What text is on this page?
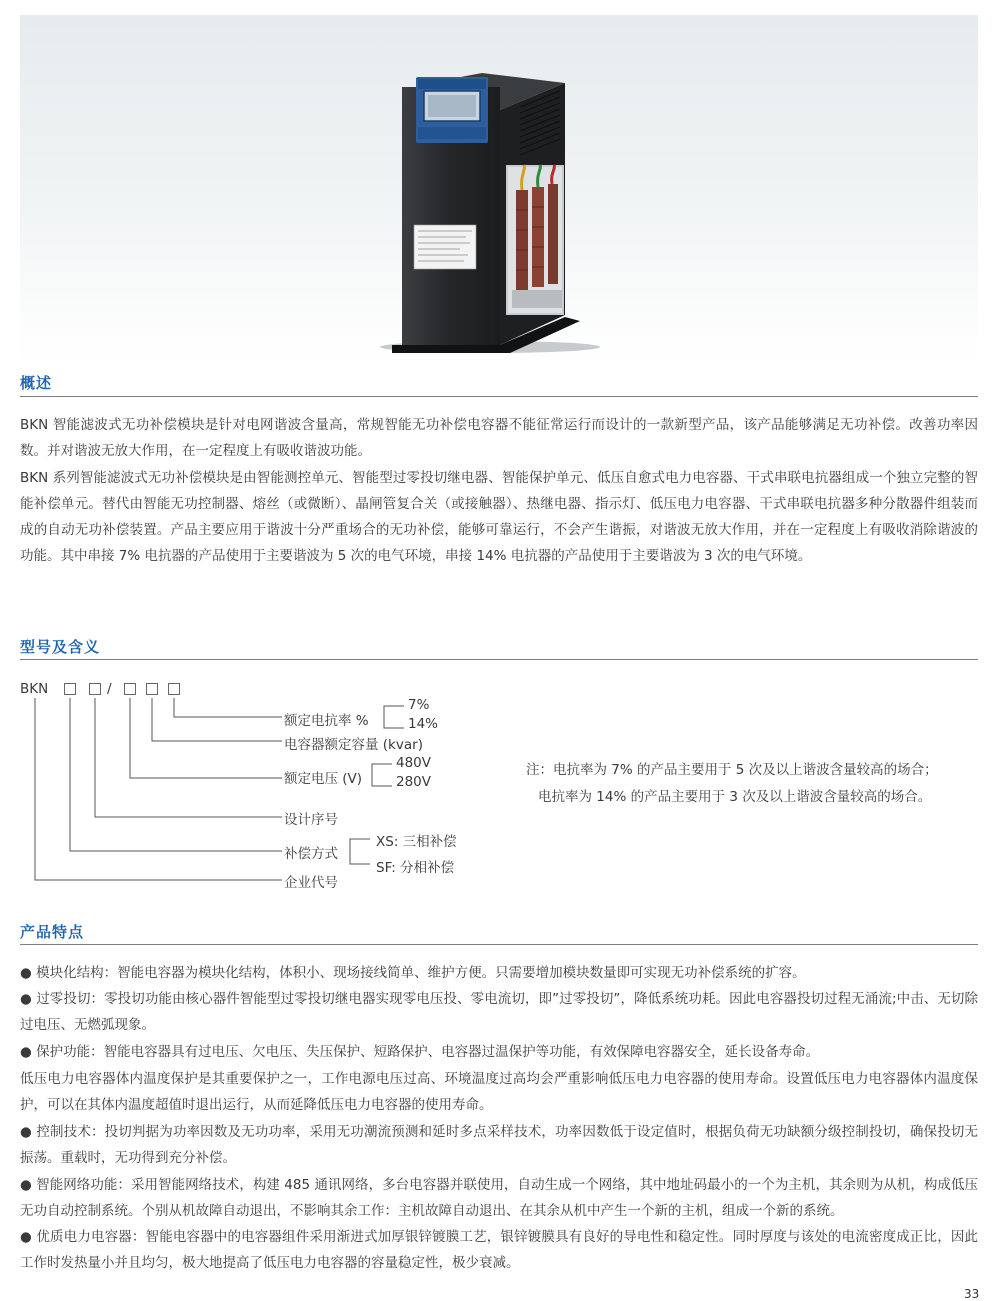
概述

BKN 智能滤波式无功补偿模块是针对电网谐波含量高，常规智能无功补偿电容器不能征常运行而设计的一款新型产品，该产品能够满足无功补偿。改善功率因数。并对谐波无放大作用，在一定程度上有吸收谐波功能。

BKN 系列智能滤波式无功补偿模块是由智能测控单元、智能型过零投切继电器、智能保护单元、低压自愈式电力电容器、干式串联电抗器组成一个独立完整的智能补偿单元。替代由智能无功控制器、熔丝（或微断）、晶闸管复合关（或接触器）、热继电器、指示灯、低压电力电容器、干式串联电抗器多种分散器件组装而成的自动无功补偿装置。产品主要应用于谐波十分严重场合的无功补偿，能够可靠运行，不会产生谐振，对谐波无放大作用，并在一定程度上有吸收消除谐波的功能。其中串接 7% 电抗器的产品使用于主要谐波为 5 次的电气环境，串接 14% 电抗器的产品使用于主要谐波为 3 次的电气环境。

型号及含义
BKN	/
额定电抗率 %
7%
14%
电容器额定容量 (kvar)
额定电压 (V)
480V
280V
设计序号
补偿方式
XS: 三相补偿
SF: 分相补偿
企业代号
注：电抗率为 7% 的产品主要用于 5 次及以上谐波含量较高的场合；
电抗率为 14% 的产品主要用于 3 次及以上谐波含量较高的场合。
产品特点

● 模块化结构：智能电容器为模块化结构，体积小、现场接线简单、维护方便。只需要增加模块数量即可实现无功补偿系统的扩容。

● 过零投切：零投切功能由核心器件智能型过零投切继电器实现零电压投、零电流切，即”过零投切”，降低系统功耗。因此电容器投切过程无涌流;中击、无切除过电压、无燃弧现象。

● 保护功能：智能电容器具有过电压、欠电压、失压保护、短路保护、电容器过温保护等功能，有效保障电容器安全，延长设备寿命。

低压电力电容器体内温度保护是其重要保护之一，工作电源电压过高、环境温度过高均会严重影响低压电力电容器的使用寿命。设置低压电力电容器体内温度保护，可以在其体内温度超值时退出运行，从而延降低压电力电容器的使用寿命。

● 控制技术：投切判据为功率因数及无功功率，采用无功潮流预测和延时多点采样技术，功率因数低于设定值时，根据负荷无功缺额分级控制投切，确保投切无振荡。重载时，无功得到充分补偿。

● 智能网络功能：采用智能网络技术，构建 485 通讯网络，多台电容器并联使用，自动生成一个网络，其中地址码最小的一个为主机，其余则为从机，构成低压无功自动控制系统。个别从机故障自动退出，不影响其余工作：主机故障自动退出、在其余从机中产生一个新的主机，组成一个新的系统。

● 优质电力电容器：智能电容器中的电容器组件采用渐进式加厚银锌镀膜工艺，银锌镀膜具有良好的导电性和稳定性。同时厚度与该处的电流密度成正比，因此工作时发热量小并且均匀，极大地提高了低压电力电容器的容量稳定性，极少衰减。

33
